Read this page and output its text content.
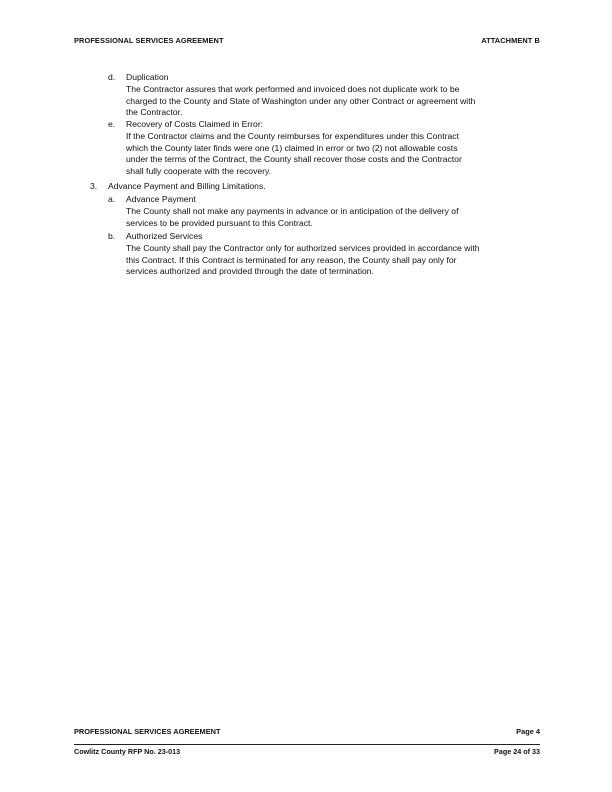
PROFESSIONAL SERVICES AGREEMENT	ATTACHMENT B
d. Duplication

The Contractor assures that work performed and invoiced does not duplicate work to be

charged to the County and State of Washington under any other Contract or agreement with

the Contractor.

e. Recovery of Costs Claimed in Error:

If the Contractor claims and the County reimburses for expenditures under this Contract

which the County later finds were one (1) claimed in error or two (2) not allowable costs

under the terms of the Contract, the County shall recover those costs and the Contractor

shall fully cooperate with the recovery.

3. Advance Payment and Billing Limitations.
a. Advance Payment

The County shall not make any payments in advance or in anticipation of the delivery of

services to be provided pursuant to this Contract.

b. Authorized Services

The County shall pay the Contractor only for authorized services provided in accordance with

this Contract. If this Contract is terminated for any reason, the County shall pay only for

services authorized and provided through the date of termination.

PROFESSIONAL SERVICES AGREEMENT	Page 4
Cowlitz County RFP No. 23-013	Page 24 of 33
